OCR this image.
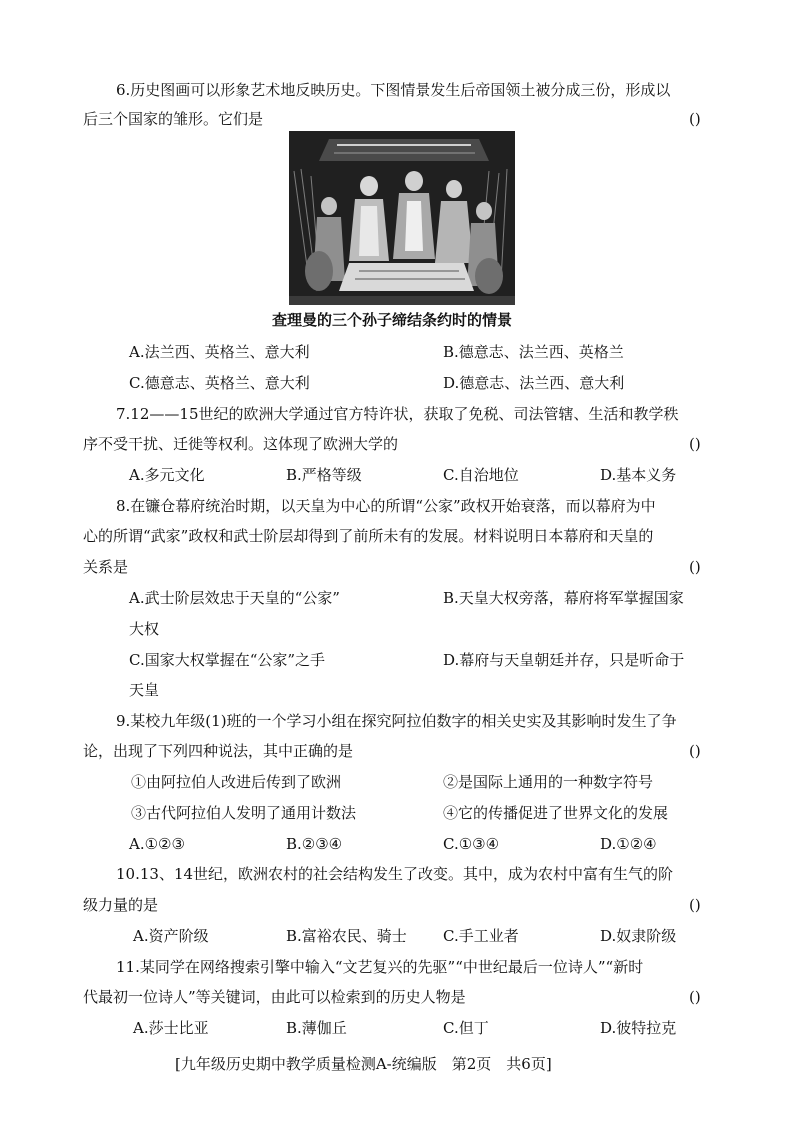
6.历史图画可以形象艺术地反映历史。下图情景发生后帝国领土被分成三份，形成以
后三个国家的雏形。它们是	()
查理曼的三个孙子缔结条约时的情景
A.法兰西、英格兰、意大利	B.德意志、法兰西、英格兰
C.德意志、英格兰、意大利	D.德意志、法兰西、意大利
7.12——15世纪的欧洲大学通过官方特许状，获取了免税、司法管辖、生活和教学秩
序不受干扰、迁徙等权利。这体现了欧洲大学的	()
A.多元文化	B.严格等级	C.自治地位	D.基本义务
8.在镰仓幕府统治时期，以天皇为中心的所谓“公家”政权开始衰落，而以幕府为中
心的所谓“武家”政权和武士阶层却得到了前所未有的发展。材料说明日本幕府和天皇的
关系是	()
A.武士阶层效忠于天皇的“公家”	B.天皇大权旁落，幕府将军掌握国家
大权
C.国家大权掌握在“公家”之手	D.幕府与天皇朝廷并存，只是听命于
天皇
9.某校九年级(1)班的一个学习小组在探究阿拉伯数字的相关史实及其影响时发生了争
论，出现了下列四种说法，其中正确的是	()
①由阿拉伯人改进后传到了欧洲	②是国际上通用的一种数字符号
③古代阿拉伯人发明了通用计数法	④它的传播促进了世界文化的发展
A.①②③	B.②③④	C.①③④	D.①②④
10.13、14世纪，欧洲农村的社会结构发生了改变。其中，成为农村中富有生气的阶
级力量的是	()
A.资产阶级	B.富裕农民、骑士 C.手工业者	D.奴隶阶级
11.某同学在网络搜索引擎中输入“文艺复兴的先驱”“中世纪最后一位诗人”“新时
代最初一位诗人”等关键词，由此可以检索到的历史人物是	()
A.莎士比亚	B.薄伽丘	C.但丁	D.彼特拉克
[九年级历史期中教学质量检测A-统编版　第2页　共6页]
